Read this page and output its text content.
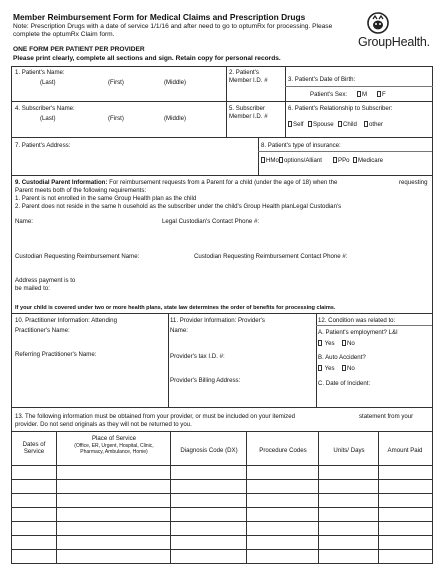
Member Reimbursement Form for Medical Claims and Prescription Drugs
Note: Prescription Drugs with a date of service 1/1/16 and after need to go to optumRx for processing. Please complete the optumRx Claim form.
ONE FORM PER PATIENT PER PROVIDER
Please print clearly, complete all sections and sign. Retain copy for personal records.
GroupHealth.
1. Patient's Name:
(Last)	(First)	(Middle)
2. Patient's
Member I.D. #	3. Patient's Date of Birth:
Patient's Sex:	M	F
4. Subscriber's Name:
(Last)	(First)	(Middle)
5. Subscriber
Member I.D. #
6. Patient's Relationship to Subscriber:
Self	Spouse	Child	other
7. Patient's Address:	8. Patient's type of insurance:
HMo options/Alliant	PPo	Medicare
9. Custodial Parent Information: For reimbursement requests from a Parent for a child (under the age of 18) when the	requesting
Parent meets both of the following requirements:
1. Parent is not enrolled in the same Group Health plan as the child
2. Parent does not reside in the same h ousehold as the subscriber under the child's Group Health planLegal Custodian's
Name:	Legal Custodian's Contact Phone #:
Custodian Requesting Reimbursement Name:	Custodian Requesting Reimbursement Contact Phone #:
Address payment is to
be mailed to:
If your child is covered under two or more health plans, state law determines the order of benefits for processing claims.
10. Practitioner Information: Attending
Practitioner's Name:
Referring Practitioner's Name:
11. Provider Information: Provider's
Name:
Provider's tax I.D. #:
Provider's Billing Address:
12. Condition was related to:
A. Patient's employment? L&I
Yes	No
B. Auto Accident?
Yes	No
C. Date of Incident:
13. The following information must be obtained from your provider, or must be included on your itemized	statement from your
provider. Do not send originals as they will not be returned to you.
Dates of
Service
Place of Service
(Office, ER, Urgent, Hospital, Clinic, Pharmacy, Ambulance, Home)	Diagnosis Code (DX)	Procedure Codes	Units/ Days	Amount Paid
